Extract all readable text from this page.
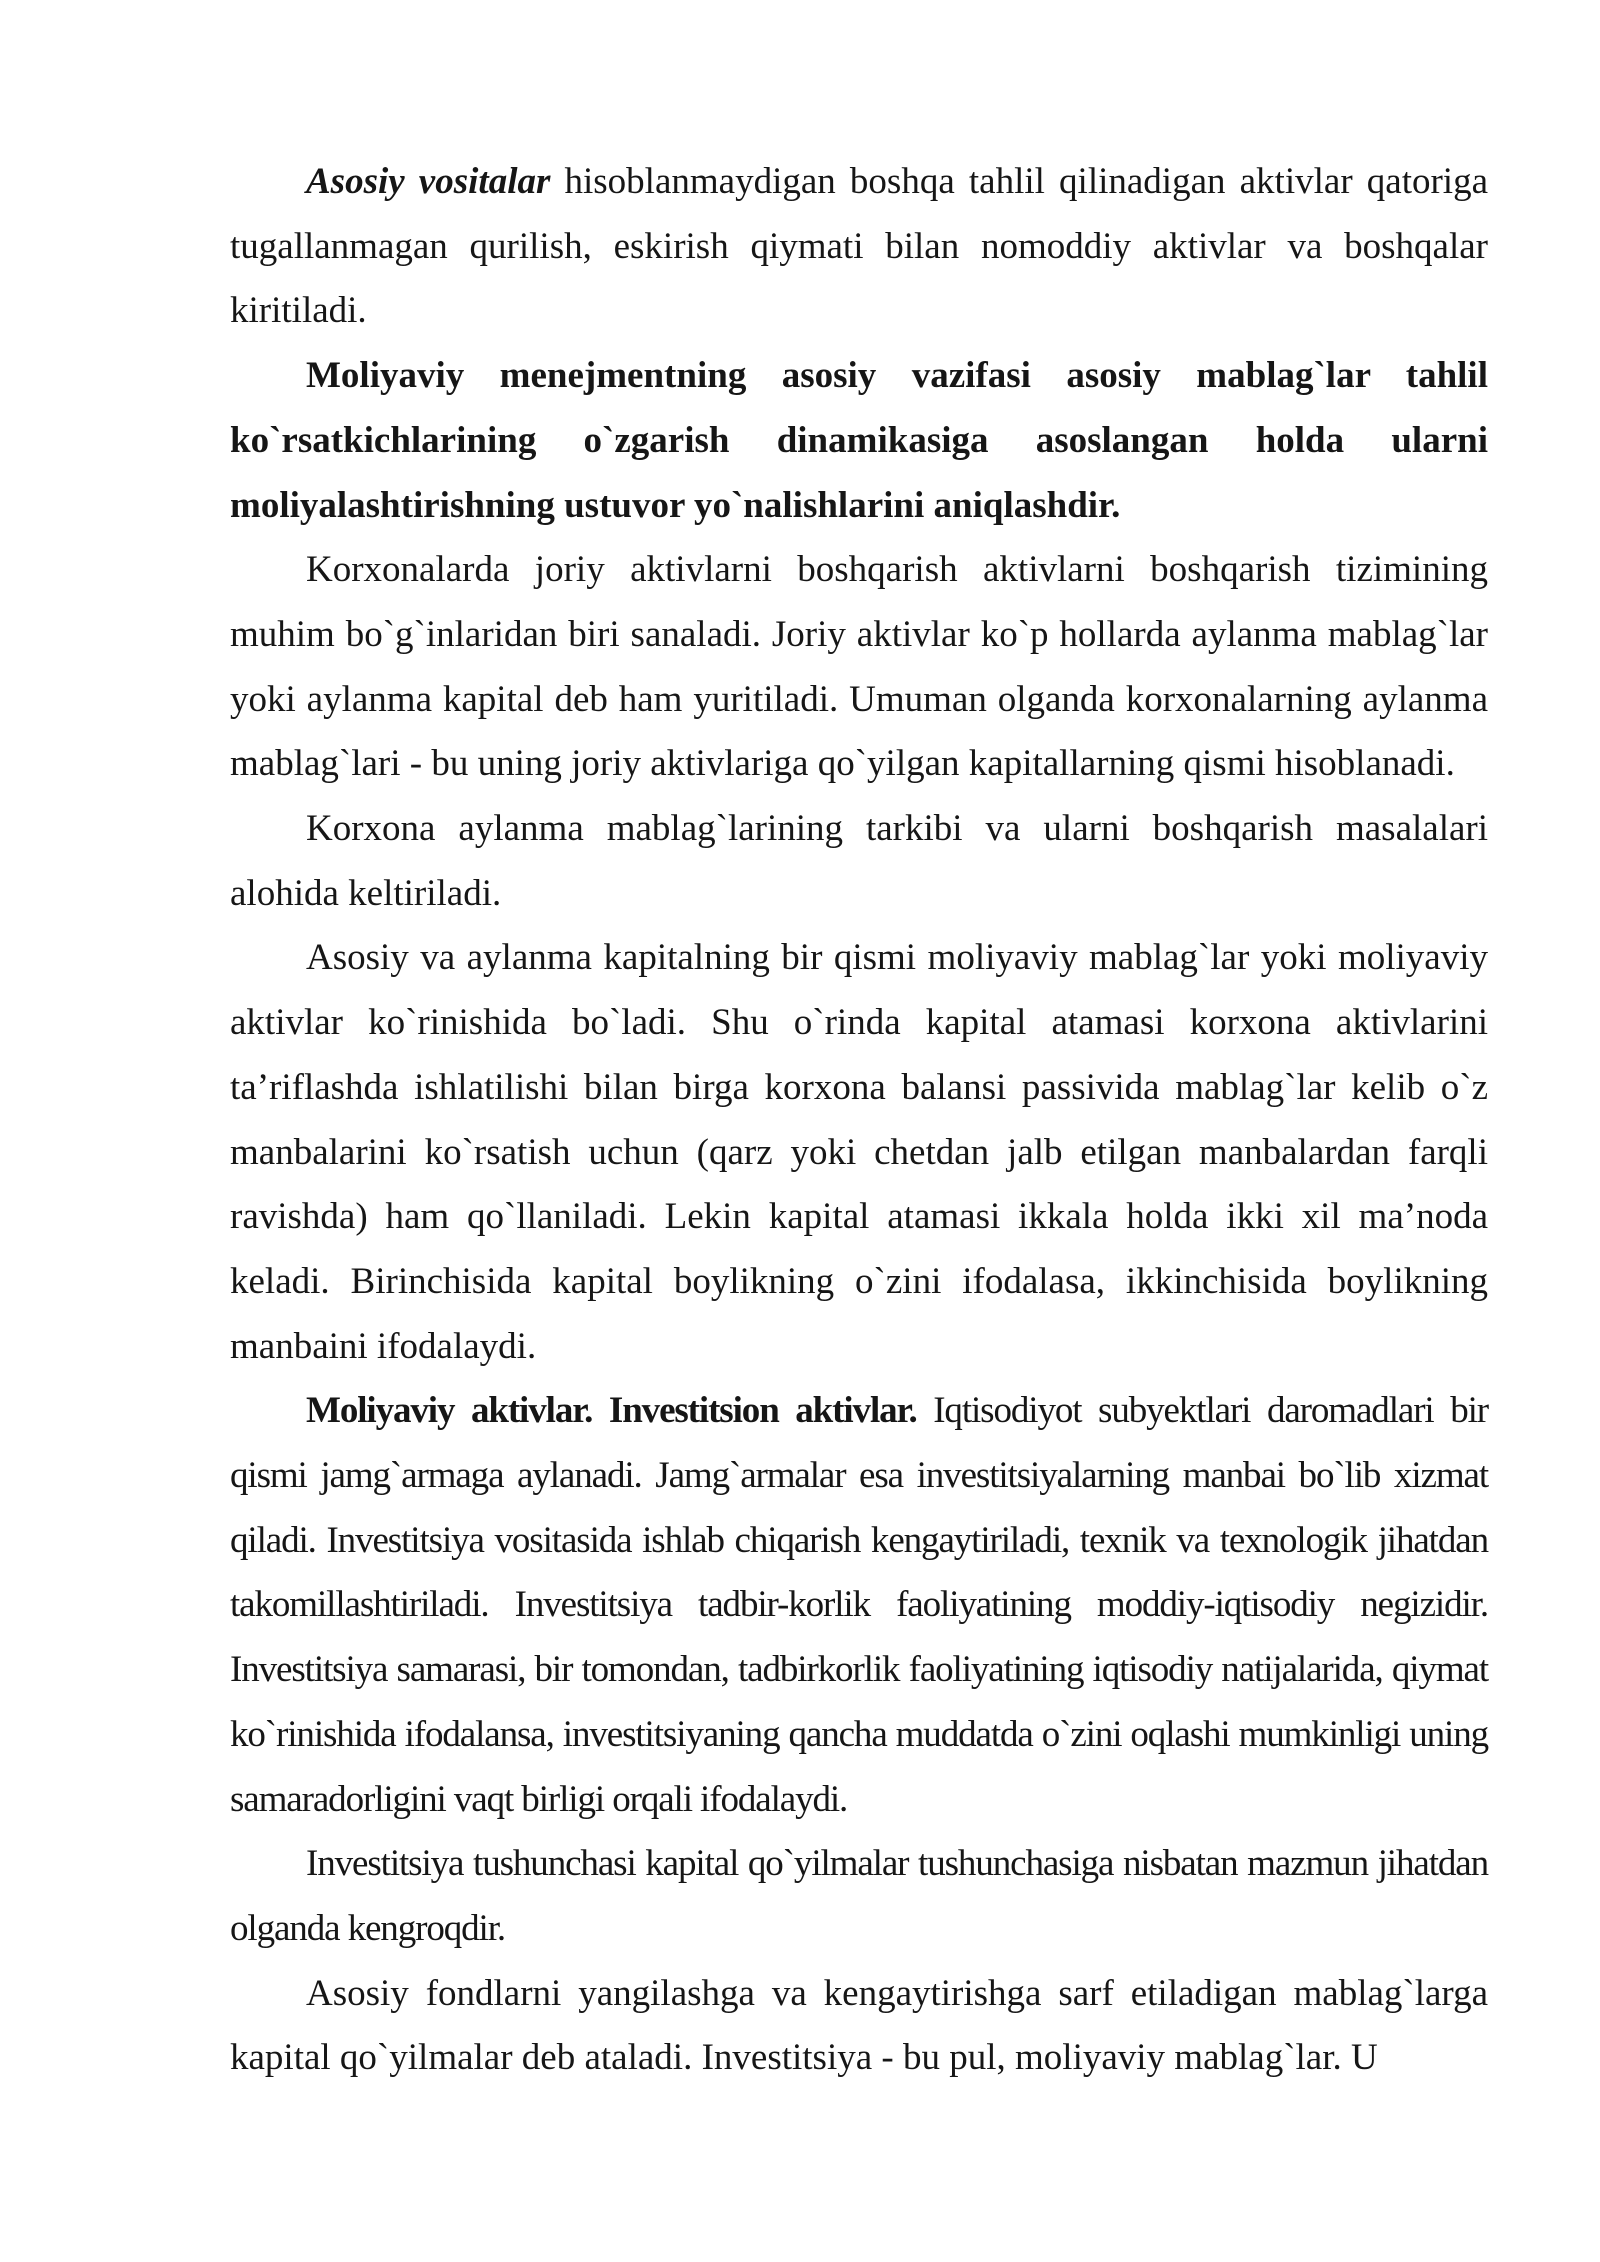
Asosiy vositalar hisoblanmaydigan boshqa tahlil qilinadigan aktivlar qatoriga tugallanmagan qurilish, eskirish qiymati bilan nomoddiy aktivlar va boshqalar kiritiladi.

Moliyaviy menejmentning asosiy vazifasi asosiy mablag`lar tahlil ko`rsatkichlarining o`zgarish dinamikasiga asoslangan holda ularni moliyalashtirishning ustuvor yo`nalishlarini aniqlashdir.

Korxonalarda joriy aktivlarni boshqarish aktivlarni boshqarish tizimining muhim bo`g`inlaridan biri sanaladi. Joriy aktivlar ko`p hollarda aylanma mablag`lar yoki aylanma kapital deb ham yuritiladi. Umuman olganda korxonalarning aylanma mablag`lari - bu uning joriy aktivlariga qo`yilgan kapitallarning qismi hisoblanadi.

Korxona aylanma mablag`larining tarkibi va ularni boshqarish masalalari alohida keltiriladi.

Asosiy va aylanma kapitalning bir qismi moliyaviy mablag`lar yoki moliyaviy aktivlar ko`rinishida bo`ladi. Shu o`rinda kapital atamasi korxona aktivlarini ta’riflashda ishlatilishi bilan birga korxona balansi passivida mablag`lar kelib o`z manbalarini ko`rsatish uchun (qarz yoki chetdan jalb etilgan manbalardan farqli ravishda) ham qo`llaniladi. Lekin kapital atamasi ikkala holda ikki xil ma’noda keladi. Birinchisida kapital boylikning o`zini ifodalasa, ikkinchisida boylikning manbaini ifodalaydi.

Moliyaviy aktivlar. Investitsion aktivlar. Iqtisodiyot subyektlari daromadlari bir qismi jamg`armaga aylanadi. Jamg`armalar esa investitsiyalarning manbai bo`lib xizmat qiladi. Investitsiya vositasida ishlab chiqarish kengaytiriladi, texnik va texnologik jihatdan takomillashtiriladi. Investitsiya tadbir-korlik faoliyatining moddiy-iqtisodiy negizidir. Investitsiya samarasi, bir tomondan, tadbirkorlik faoliyatining iqtisodiy natijalarida, qiymat ko`rinishida ifodalansa, investitsiyaning qancha muddatda o`zini oqlashi mumkinligi uning samaradorligini vaqt birligi orqali ifodalaydi.

Investitsiya tushunchasi kapital qo`yilmalar tushunchasiga nisbatan mazmun jihatdan olganda kengroqdir.

Asosiy fondlarni yangilashga va kengaytirishga sarf etiladigan mablag`larga kapital qo`yilmalar deb ataladi. Investitsiya - bu pul, moliyaviy mablag`lar. U
